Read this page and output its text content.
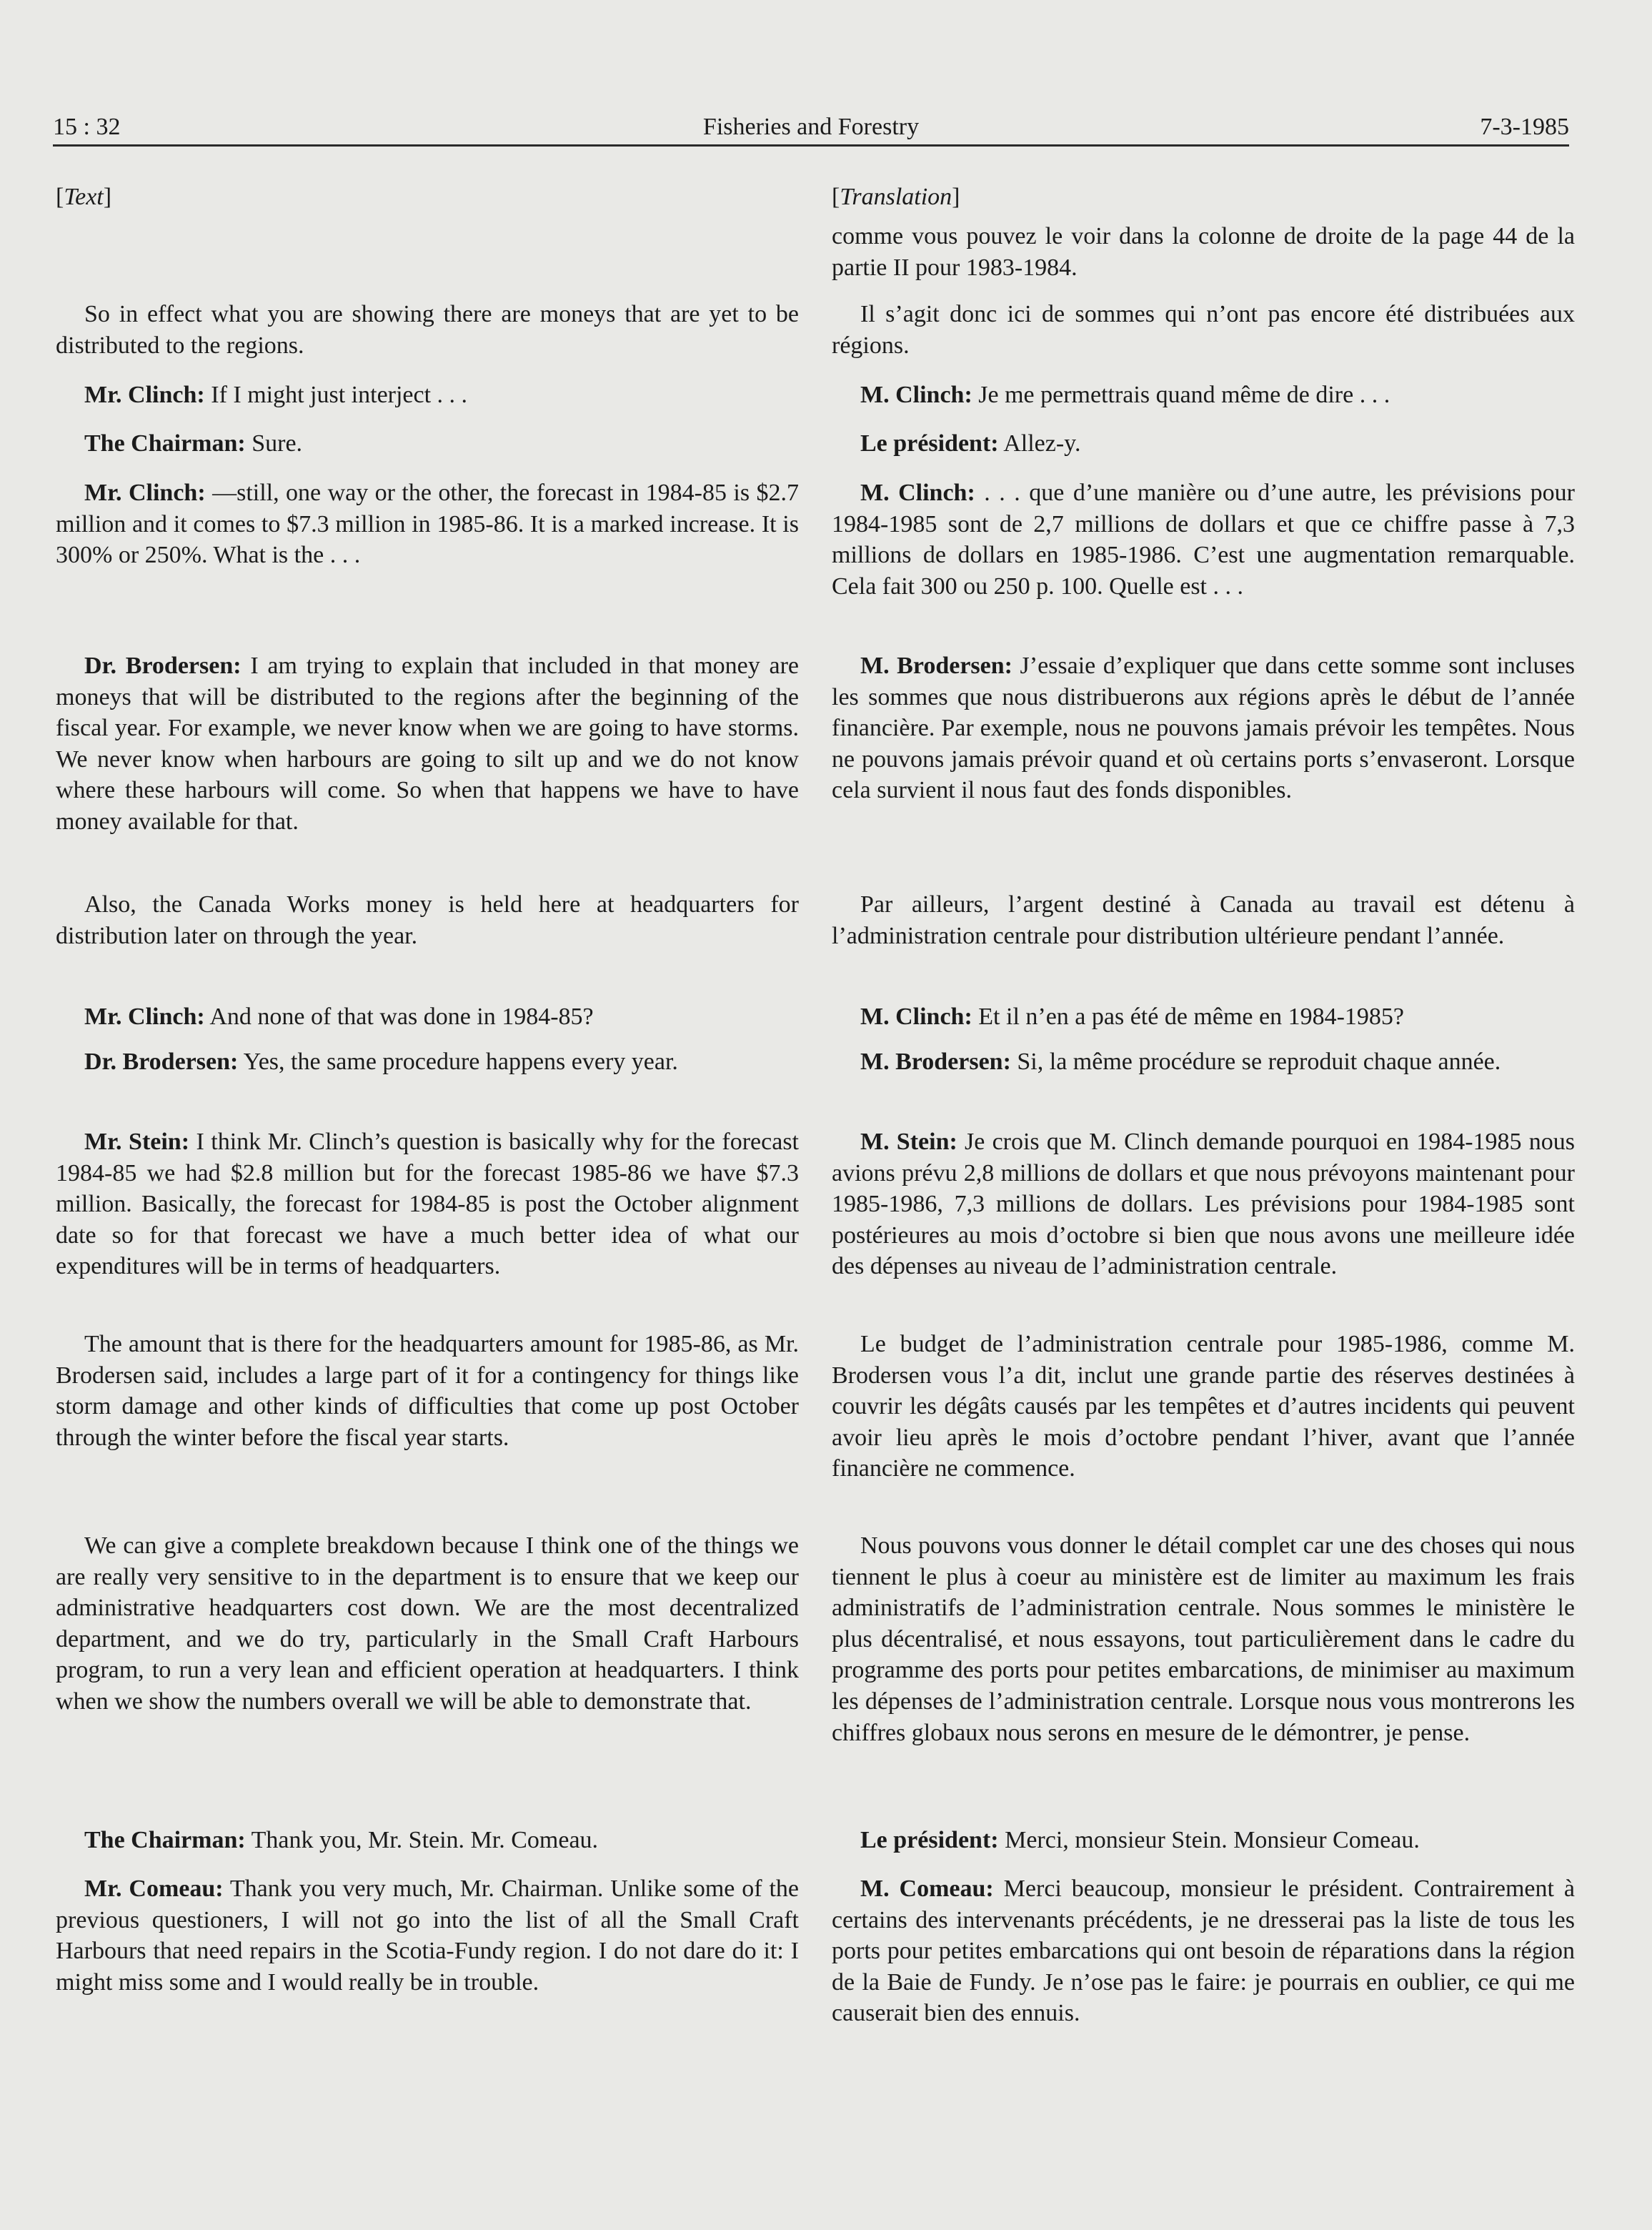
15 : 32	Fisheries and Forestry	7-3-1985

[Text]

So in effect what you are showing there are moneys that are yet to be distributed to the regions.

Mr. Clinch: If I might just interject . . .

The Chairman: Sure.

Mr. Clinch: —still, one way or the other, the forecast in 1984-85 is $2.7 million and it comes to $7.3 million in 1985-86. It is a marked increase. It is 300% or 250%. What is the . . .

Dr. Brodersen: I am trying to explain that included in that money are moneys that will be distributed to the regions after the beginning of the fiscal year. For example, we never know when we are going to have storms. We never know when harbours are going to silt up and we do not know where these harbours will come. So when that happens we have to have money available for that.

Also, the Canada Works money is held here at headquarters for distribution later on through the year.

Mr. Clinch: And none of that was done in 1984-85?

Dr. Brodersen: Yes, the same procedure happens every year.

Mr. Stein: I think Mr. Clinch’s question is basically why for the forecast 1984-85 we had $2.8 million but for the forecast 1985-86 we have $7.3 million. Basically, the forecast for 1984-85 is post the October alignment date so for that forecast we have a much better idea of what our expenditures will be in terms of headquarters.

The amount that is there for the headquarters amount for 1985-86, as Mr. Brodersen said, includes a large part of it for a contingency for things like storm damage and other kinds of difficulties that come up post October through the winter before the fiscal year starts.

We can give a complete breakdown because I think one of the things we are really very sensitive to in the department is to ensure that we keep our administrative headquarters cost down. We are the most decentralized department, and we do try, particularly in the Small Craft Harbours program, to run a very lean and efficient operation at headquarters. I think when we show the numbers overall we will be able to demonstrate that.

The Chairman: Thank you, Mr. Stein. Mr. Comeau.

Mr. Comeau: Thank you very much, Mr. Chairman. Unlike some of the previous questioners, I will not go into the list of all the Small Craft Harbours that need repairs in the Scotia-Fundy region. I do not dare do it: I might miss some and I would really be in trouble.

[Translation]

comme vous pouvez le voir dans la colonne de droite de la page 44 de la partie II pour 1983-1984.

Il s’agit donc ici de sommes qui n’ont pas encore été distribuées aux régions.

M. Clinch: Je me permettrais quand même de dire . . .

Le président: Allez-y.

M. Clinch: . . . que d’une manière ou d’une autre, les prévisions pour 1984-1985 sont de 2,7 millions de dollars et que ce chiffre passe à 7,3 millions de dollars en 1985-1986. C’est une augmentation remarquable. Cela fait 300 ou 250 p. 100. Quelle est . . .

M. Brodersen: J’essaie d’expliquer que dans cette somme sont incluses les sommes que nous distribuerons aux régions après le début de l’année financière. Par exemple, nous ne pouvons jamais prévoir les tempêtes. Nous ne pouvons jamais prévoir quand et où certains ports s’envaseront. Lorsque cela survient il nous faut des fonds disponibles.

Par ailleurs, l’argent destiné à Canada au travail est détenu à l’administration centrale pour distribution ultérieure pendant l’année.

M. Clinch: Et il n’en a pas été de même en 1984-1985?

M. Brodersen: Si, la même procédure se reproduit chaque année.

M. Stein: Je crois que M. Clinch demande pourquoi en 1984-1985 nous avions prévu 2,8 millions de dollars et que nous prévoyons maintenant pour 1985-1986, 7,3 millions de dollars. Les prévisions pour 1984-1985 sont postérieures au mois d’octobre si bien que nous avons une meilleure idée des dépenses au niveau de l’administration centrale.

Le budget de l’administration centrale pour 1985-1986, comme M. Brodersen vous l’a dit, inclut une grande partie des réserves destinées à couvrir les dégâts causés par les tempêtes et d’autres incidents qui peuvent avoir lieu après le mois d’octobre pendant l’hiver, avant que l’année financière ne commence.

Nous pouvons vous donner le détail complet car une des choses qui nous tiennent le plus à coeur au ministère est de limiter au maximum les frais administratifs de l’administration centrale. Nous sommes le ministère le plus décentralisé, et nous essayons, tout particulièrement dans le cadre du programme des ports pour petites embarcations, de minimiser au maximum les dépenses de l’administration centrale. Lorsque nous vous montrerons les chiffres globaux nous serons en mesure de le démontrer, je pense.

Le président: Merci, monsieur Stein. Monsieur Comeau.

M. Comeau: Merci beaucoup, monsieur le président. Contrairement à certains des intervenants précédents, je ne dresserai pas la liste de tous les ports pour petites embarcations qui ont besoin de réparations dans la région de la Baie de Fundy. Je n’ose pas le faire: je pourrais en oublier, ce qui me causerait bien des ennuis.
